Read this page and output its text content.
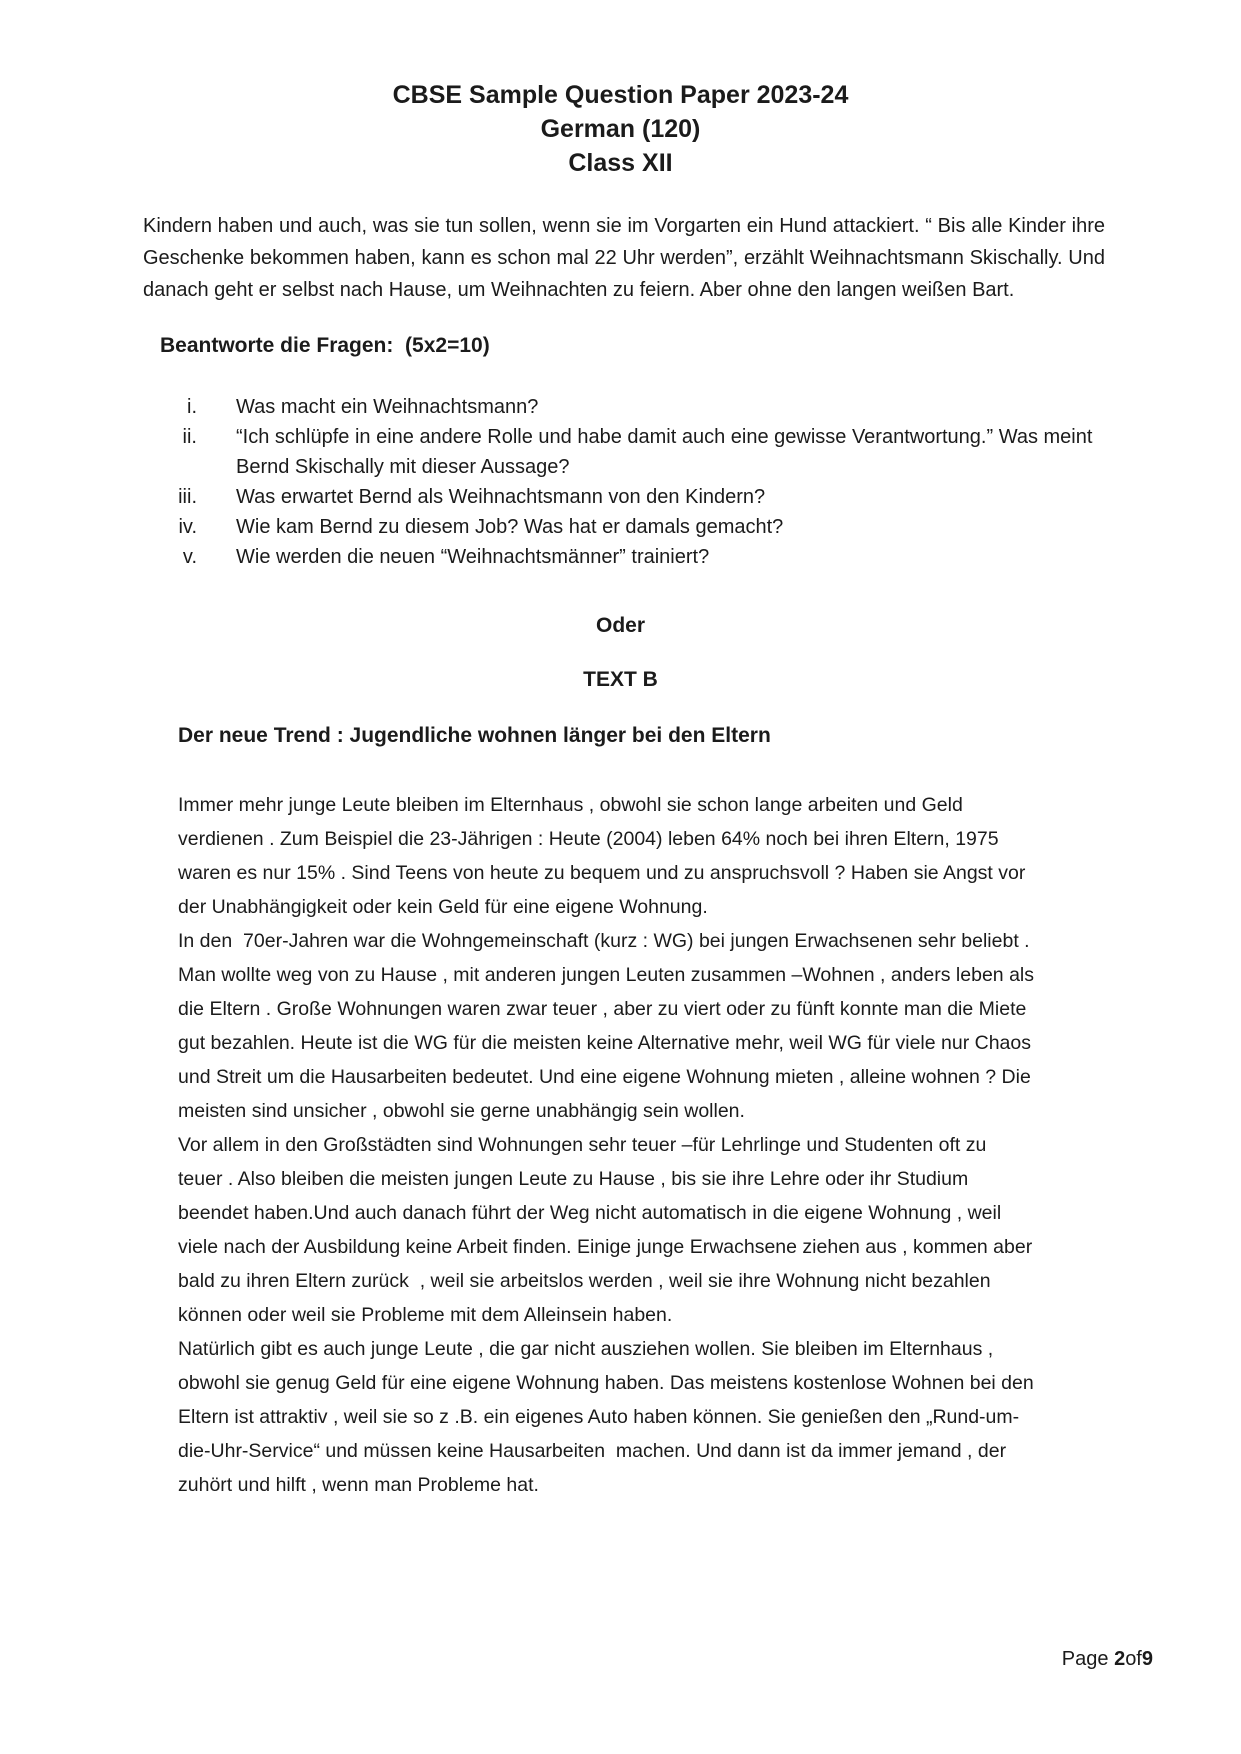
CBSE Sample Question Paper 2023-24
German (120)
Class XII

Kindern haben und auch, was sie tun sollen, wenn sie im Vorgarten ein Hund attackiert. “ Bis alle Kinder ihre Geschenke bekommen haben, kann es schon mal 22 Uhr werden”, erzählt Weihnachtsmann Skischally. Und danach geht er selbst nach Hause, um Weihnachten zu feiern. Aber ohne den langen weißen Bart.

Beantworte die Fragen:  (5x2=10)
i. Was macht ein Weihnachtsmann?
ii. “Ich schlüpfe in eine andere Rolle und habe damit auch eine gewisse Verantwortung.” Was meint Bernd Skischally mit dieser Aussage?
iii. Was erwartet Bernd als Weihnachtsmann von den Kindern?
iv. Wie kam Bernd zu diesem Job? Was hat er damals gemacht?
v. Wie werden die neuen “Weihnachtsmänner” trainiert?
Oder
TEXT B
Der neue Trend : Jugendliche wohnen länger bei den Eltern

Immer mehr junge Leute bleiben im Elternhaus , obwohl sie schon lange arbeiten und Geld verdienen . Zum Beispiel die 23-Jährigen : Heute (2004) leben 64% noch bei ihren Eltern, 1975 waren es nur 15% . Sind Teens von heute zu bequem und zu anspruchsvoll ? Haben sie Angst vor der Unabhängigkeit oder kein Geld für eine eigene Wohnung.

In den  70er-Jahren war die Wohngemeinschaft (kurz : WG) bei jungen Erwachsenen sehr beliebt . Man wollte weg von zu Hause , mit anderen jungen Leuten zusammen –Wohnen , anders leben als die Eltern . Große Wohnungen waren zwar teuer , aber zu viert oder zu fünft konnte man die Miete gut bezahlen. Heute ist die WG für die meisten keine Alternative mehr, weil WG für viele nur Chaos und Streit um die Hausarbeiten bedeutet. Und eine eigene Wohnung mieten , alleine wohnen ? Die meisten sind unsicher , obwohl sie gerne unabhängig sein wollen.

Vor allem in den Großstädten sind Wohnungen sehr teuer –für Lehrlinge und Studenten oft zu teuer . Also bleiben die meisten jungen Leute zu Hause , bis sie ihre Lehre oder ihr Studium beendet haben.Und auch danach führt der Weg nicht automatisch in die eigene Wohnung , weil viele nach der Ausbildung keine Arbeit finden. Einige junge Erwachsene ziehen aus , kommen aber bald zu ihren Eltern zurück  , weil sie arbeitslos werden , weil sie ihre Wohnung nicht bezahlen können oder weil sie Probleme mit dem Alleinsein haben.

Natürlich gibt es auch junge Leute , die gar nicht ausziehen wollen. Sie bleiben im Elternhaus , obwohl sie genug Geld für eine eigene Wohnung haben. Das meistens kostenlose Wohnen bei den Eltern ist attraktiv , weil sie so z .B. ein eigenes Auto haben können. Sie genießen den „Rund-um-die-Uhr-Service“ und müssen keine Hausarbeiten  machen. Und dann ist da immer jemand , der zuhört und hilft , wenn man Probleme hat.

Page 2of9
